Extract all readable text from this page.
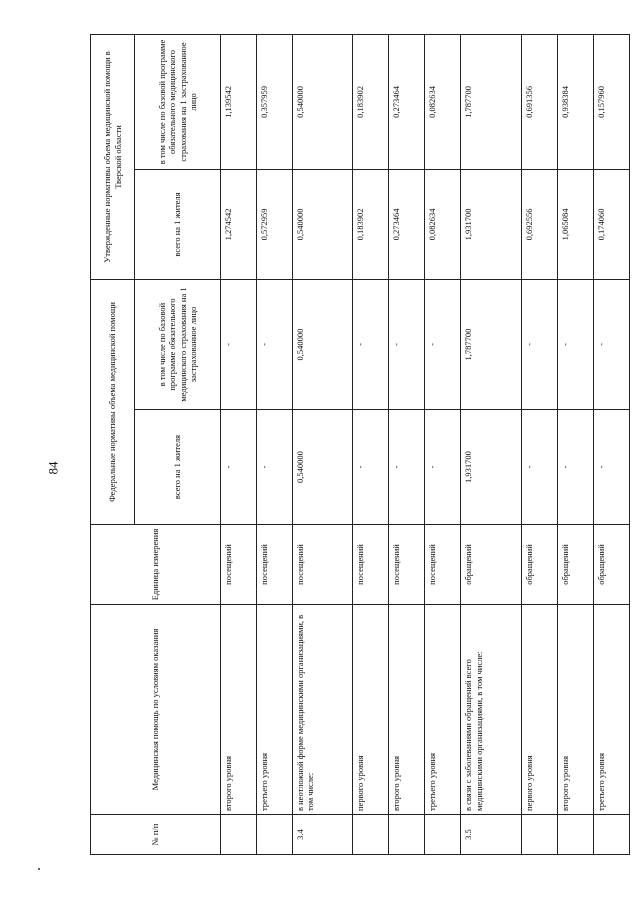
84
№ п/п	Медицинская помощь по условиям оказания	Единица измерения	Федеральные нормативы объема медицинской помощи		Утвержденные нормативы объема медицинской помощи в Тверской области	
			всего на 1 жителя	в том числе по базовой программе обязательного медицинского страхования на 1 застрахованное лицо	всего на 1 жителя	в том числе по базовой программе обязательного медицинского страхования на 1 застрахованное лицо
	второго уровня	посещений	-	-	1,274542	1,139542
	третьего уровня	посещений	-	-	0,572959	0,357959
3.4	в неотложной форме медицинскими организациями, в том числе:	посещений	0,540000	0,540000	0,540000	0,540000
	первого уровня	посещений	-	-	0,183902	0,183902
	второго уровня	посещений	-	-	0,273464	0,273464
	третьего уровня	посещений	-	-	0,082634	0,082634
3.5	в связи с заболеваниями обращений всего медицинскими организациями, в том числе:	обращений	1,931700	1,787700	1,931700	1,787700
	первого уровня	обращений	-	-	0,692556	0,691356
	второго уровня	обращений	-	-	1,065084	0,938384
	третьего уровня	обращений	-	-	0,174060	0,157960
